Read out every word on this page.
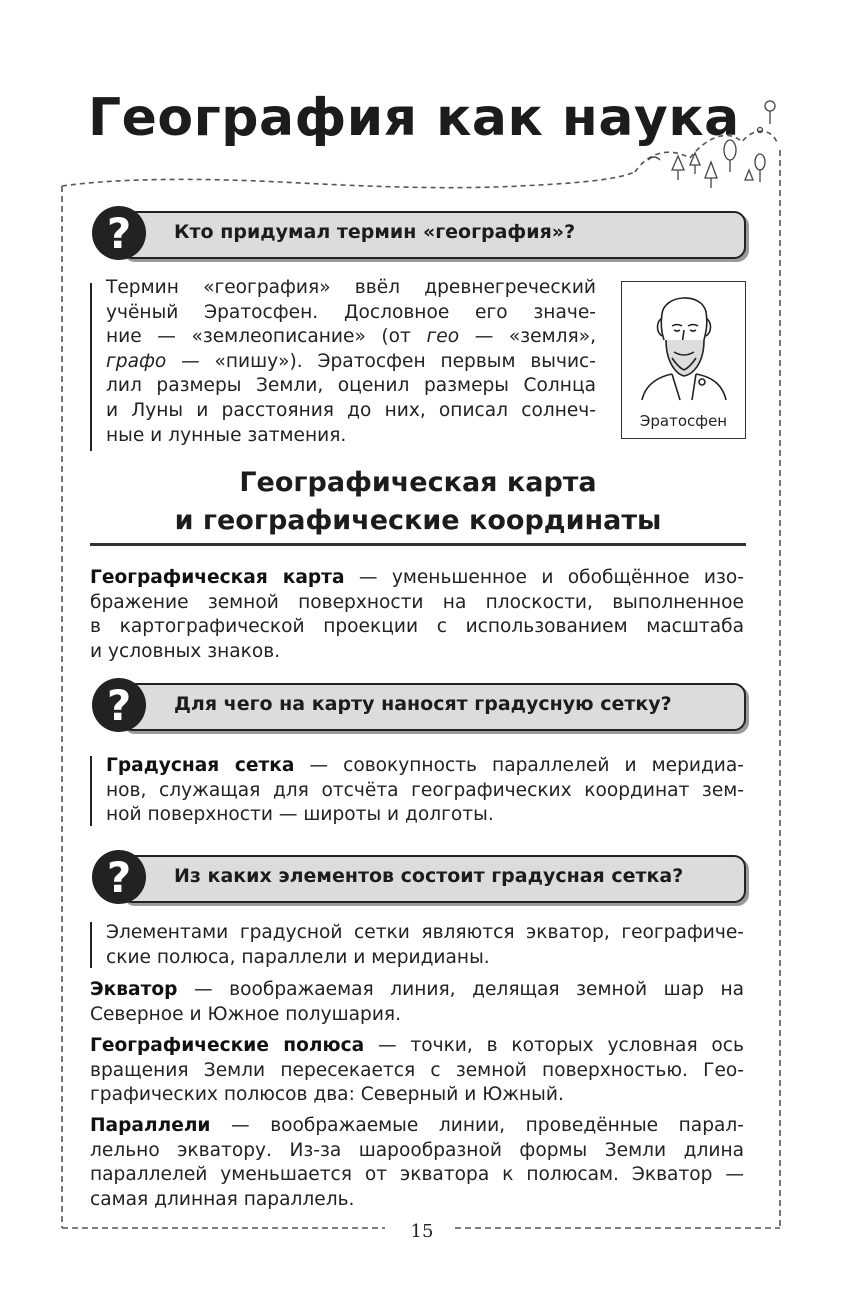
География как наука
?	Кто придумал термин «география»?
Термин «география» ввёл древнегреческий
учёный Эратосфен. Дословное его значе-
ние — «землеописание» (от гео — «земля»,
графо — «пишу»). Эратосфен первым вычис-
лил размеры Земли, оценил размеры Солнца
и Луны и расстояния до них, описал солнеч-
ные и лунные затмения.
Эратосфен
Географическая карта
и географические координаты
Географическая карта — уменьшенное и обобщённое изо-
бражение земной поверхности на плоскости, выполненное
в картографической проекции с использованием масштаба
и условных знаков.
?	Для чего на карту наносят градусную сетку?
Градусная сетка — совокупность параллелей и меридиа-
нов, служащая для отсчёта географических координат зем-
ной поверхности — широты и долготы.
?	Из каких элементов состоит градусная сетка?
Элементами градусной сетки являются экватор, географиче-
ские полюса, параллели и меридианы.
Экватор — воображаемая линия, делящая земной шар на
Северное и Южное полушария.
Географические полюса — точки, в которых условная ось
вращения Земли пересекается с земной поверхностью. Гео-
графических полюсов два: Северный и Южный.
Параллели — воображаемые линии, проведённые парал-
лельно экватору. Из-за шарообразной формы Земли длина
параллелей уменьшается от экватора к полюсам. Экватор —
самая длинная параллель.
15
